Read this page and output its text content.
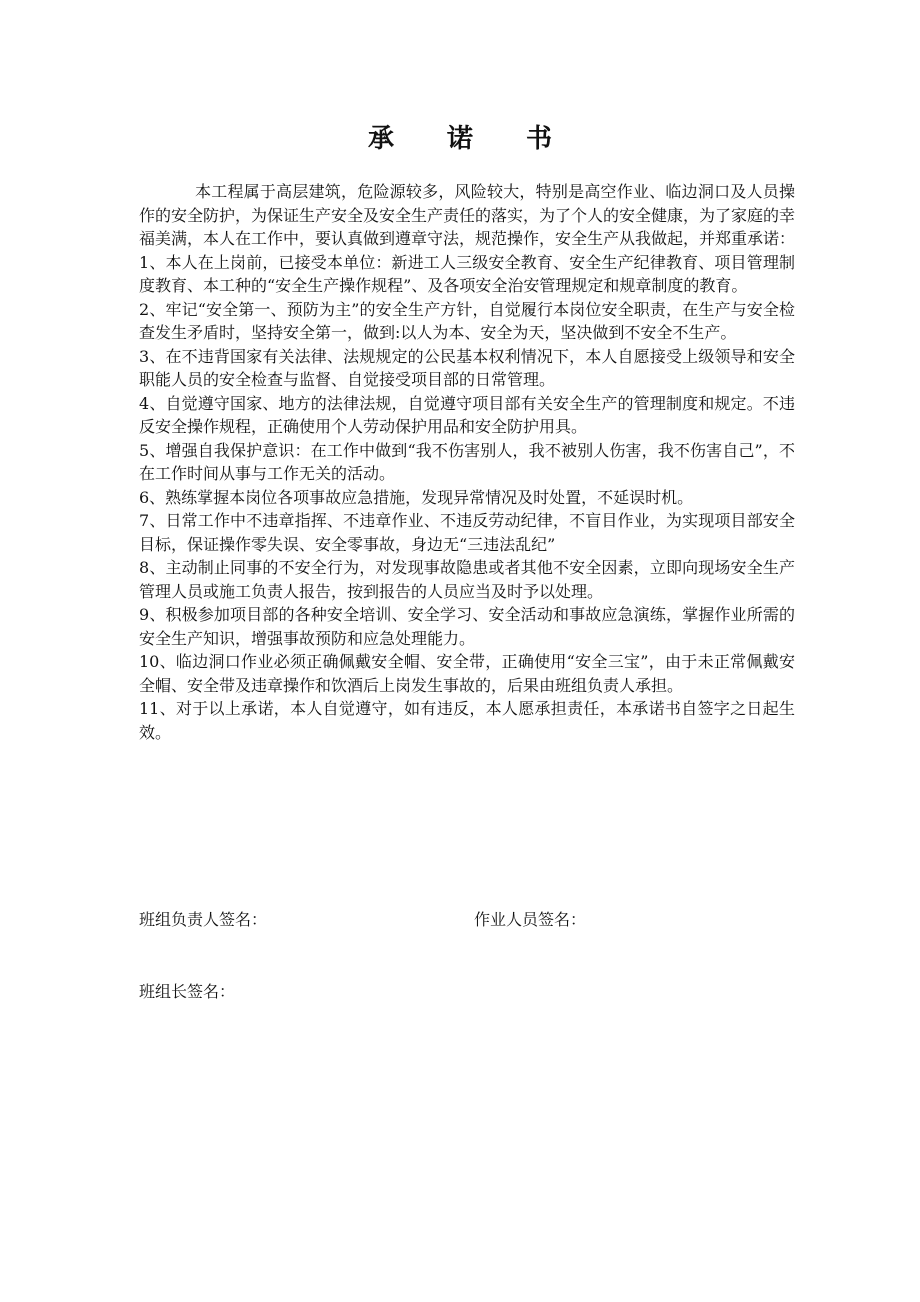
承 诺 书

本工程属于高层建筑，危险源较多，风险较大，特别是高空作业、临边洞口及人员操作的安全防护，为保证生产安全及安全生产责任的落实，为了个人的安全健康，为了家庭的幸福美满，本人在工作中，要认真做到遵章守法，规范操作，安全生产从我做起，并郑重承诺：

1、本人在上岗前，已接受本单位：新进工人三级安全教育、安全生产纪律教育、项目管理制度教育、本工种的“安全生产操作规程”、及各项安全治安管理规定和规章制度的教育。

2、牢记“安全第一、预防为主”的安全生产方针，自觉履行本岗位安全职责，在生产与安全检查发生矛盾时，坚持安全第一，做到:以人为本、安全为天，坚决做到不安全不生产。

3、在不违背国家有关法律、法规规定的公民基本权利情况下，本人自愿接受上级领导和安全职能人员的安全检查与监督、自觉接受项目部的日常管理。

4、自觉遵守国家、地方的法律法规，自觉遵守项目部有关安全生产的管理制度和规定。不违反安全操作规程，正确使用个人劳动保护用品和安全防护用具。

5、增强自我保护意识：在工作中做到“我不伤害别人，我不被别人伤害，我不伤害自己”，不在工作时间从事与工作无关的活动。

6、熟练掌握本岗位各项事故应急措施，发现异常情况及时处置，不延误时机。

7、日常工作中不违章指挥、不违章作业、不违反劳动纪律，不盲目作业，为实现项目部安全目标，保证操作零失误、安全零事故，身边无“三违法乱纪”

8、主动制止同事的不安全行为，对发现事故隐患或者其他不安全因素，立即向现场安全生产管理人员或施工负责人报告，按到报告的人员应当及时予以处理。

9、积极参加项目部的各种安全培训、安全学习、安全活动和事故应急演练，掌握作业所需的安全生产知识，增强事故预防和应急处理能力。

10、临边洞口作业必须正确佩戴安全帽、安全带，正确使用“安全三宝”，由于未正常佩戴安全帽、安全带及违章操作和饮酒后上岗发生事故的，后果由班组负责人承担。

11、对于以上承诺，本人自觉遵守，如有违反，本人愿承担责任，本承诺书自签字之日起生效。

班组负责人签名：	作业人员签名：
班组长签名：
